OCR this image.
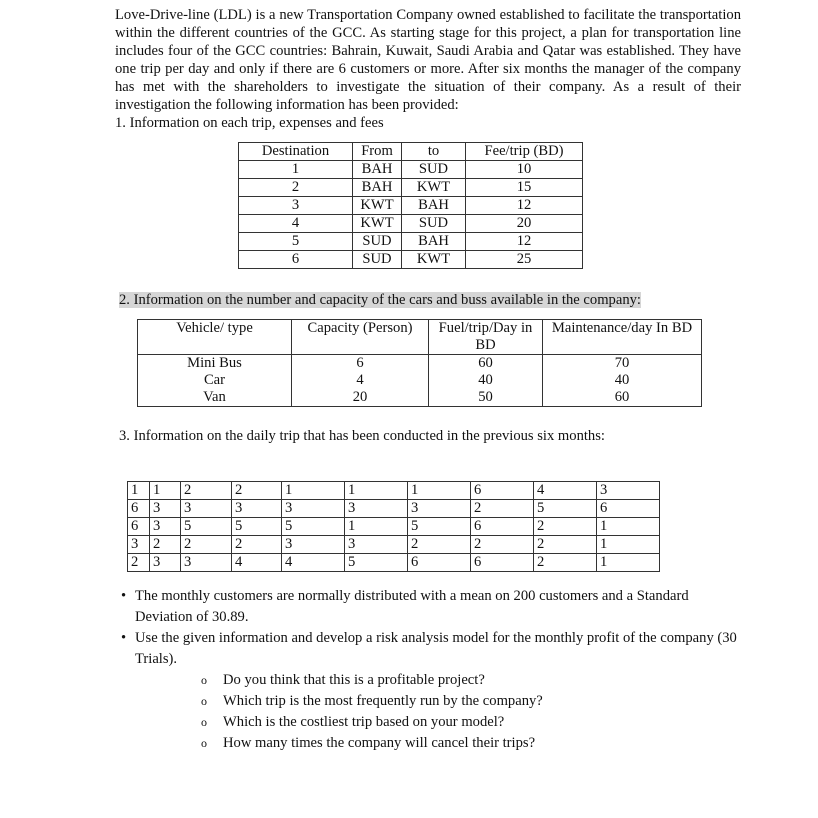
Love-Drive-line (LDL) is a new Transportation Company owned established to facilitate the transportation within the different countries of the GCC. As starting stage for this project, a plan for transportation line includes four of the GCC countries: Bahrain, Kuwait, Saudi Arabia and Qatar was established. They have one trip per day and only if there are 6 customers or more. After six months the manager of the company has met with the shareholders to investigate the situation of their company. As a result of their investigation the following information has been provided:

1. Information on each trip, expenses and fees
Destination	From	to	Fee/trip (BD)
1	BAH	SUD	10
2	BAH	KWT	15
3	KWT	BAH	12
4	KWT	SUD	20
5	SUD	BAH	12
6	SUD	KWT	25
2. Information on the number and capacity of the cars and buss available in the company:
Vehicle/ type	Capacity (Person)	Fuel/trip/Day in BD	Maintenance/day In BD
Mini Bus	6	60	70
Car	4	40	40
Van	20	50	60
3. Information on the daily trip that has been conducted in the previous six months:
1	1	2	2	1	1	1	6	4	3
6	3	3	3	3	3	3	2	5	6
6	3	5	5	5	1	5	6	2	1
3	2	2	2	3	3	2	2	2	1
2	3	3	4	4	5	6	6	2	1
• The monthly customers are normally distributed with a mean on 200 customers and a Standard Deviation of 30.89.
• Use the given information and develop a risk analysis model for the monthly profit of the company (30 Trials).
o Do you think that this is a profitable project?
o Which trip is the most frequently run by the company?
o Which is the costliest trip based on your model?
o How many times the company will cancel their trips?
